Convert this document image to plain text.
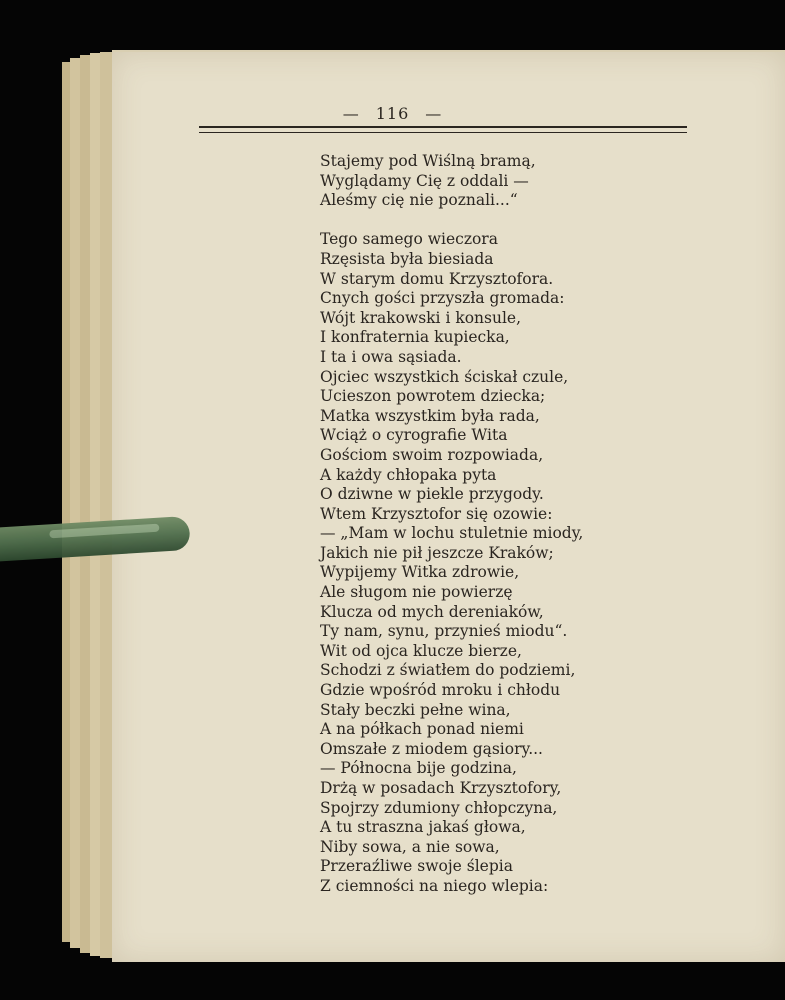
— 116 —
Stajemy pod Wiślną bramą,
Wyglądamy Cię z oddali —
Aleśmy cię nie poznali...“
Tego samego wieczora
Rzęsista była biesiada
W starym domu Krzysztofora.
Cnych gości przyszła gromada:
Wójt krakowski i konsule,
I konfraternia kupiecka,
I ta i owa sąsiada.
Ojciec wszystkich ściskał czule,
Ucieszon powrotem dziecka;
Matka wszystkim była rada,
Wciąż o cyrografie Wita
Gościom swoim rozpowiada,
A każdy chłopaka pyta
O dziwne w piekle przygody.
Wtem Krzysztofor się ozowie:
— „Mam w lochu stuletnie miody,
Jakich nie pił jeszcze Kraków;
Wypijemy Witka zdrowie,
Ale sługom nie powierzę
Klucza od mych dereniaków,
Ty nam, synu, przynieś miodu“.
Wit od ojca klucze bierze,
Schodzi z światłem do podziemi,
Gdzie wpośród mroku i chłodu
Stały beczki pełne wina,
A na półkach ponad niemi
Omszałe z miodem gąsiory...
— Północna bije godzina,
Drżą w posadach Krzysztofory,
Spojrzy zdumiony chłopczyna,
A tu straszna jakaś głowa,
Niby sowa, a nie sowa,
Przeraźliwe swoje ślepia
Z ciemności na niego wlepia:
